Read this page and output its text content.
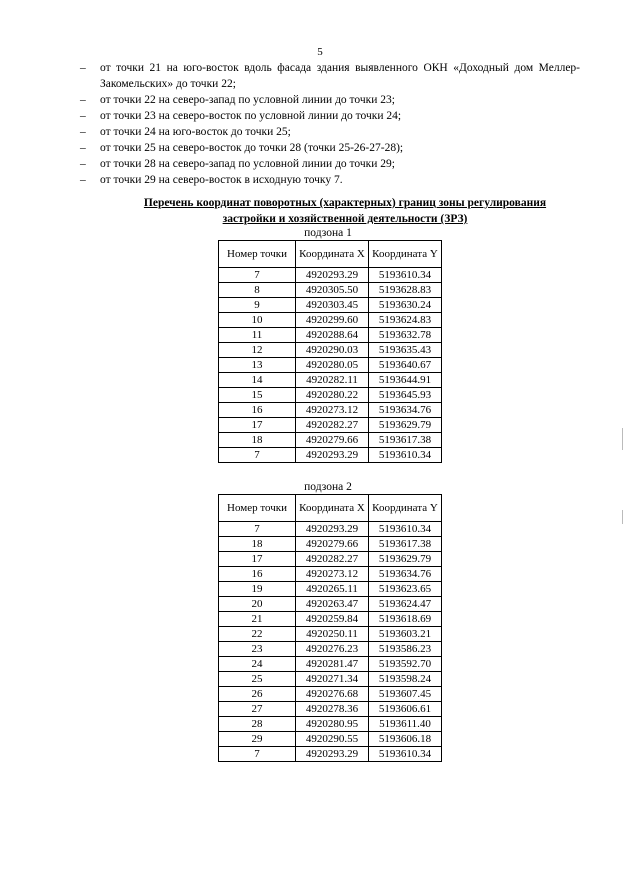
5
– от точки 21 на юго-восток вдоль фасада здания выявленного ОКН «Доходный дом Меллер-Закомельских» до точки 22;
– от точки 22 на северо-запад по условной линии до точки 23;
– от точки 23 на северо-восток по условной линии до точки 24;
– от точки 24 на юго-восток до точки 25;
– от точки 25 на северо-восток до точки 28 (точки 25-26-27-28);
– от точки 28 на северо-запад по условной линии до точки 29;
– от точки 29 на северо-восток в исходную точку 7.
Перечень координат поворотных (характерных) границ зоны регулирования застройки и хозяйственной деятельности (ЗРЗ)
подзона 1
Номер точки	Координата X	Координата Y
7	4920293.29	5193610.34
8	4920305.50	5193628.83
9	4920303.45	5193630.24
10	4920299.60	5193624.83
11	4920288.64	5193632.78
12	4920290.03	5193635.43
13	4920280.05	5193640.67
14	4920282.11	5193644.91
15	4920280.22	5193645.93
16	4920273.12	5193634.76
17	4920282.27	5193629.79
18	4920279.66	5193617.38
7	4920293.29	5193610.34
подзона 2
Номер точки	Координата X	Координата Y
7	4920293.29	5193610.34
18	4920279.66	5193617.38
17	4920282.27	5193629.79
16	4920273.12	5193634.76
19	4920265.11	5193623.65
20	4920263.47	5193624.47
21	4920259.84	5193618.69
22	4920250.11	5193603.21
23	4920276.23	5193586.23
24	4920281.47	5193592.70
25	4920271.34	5193598.24
26	4920276.68	5193607.45
27	4920278.36	5193606.61
28	4920280.95	5193611.40
29	4920290.55	5193606.18
7	4920293.29	5193610.34
